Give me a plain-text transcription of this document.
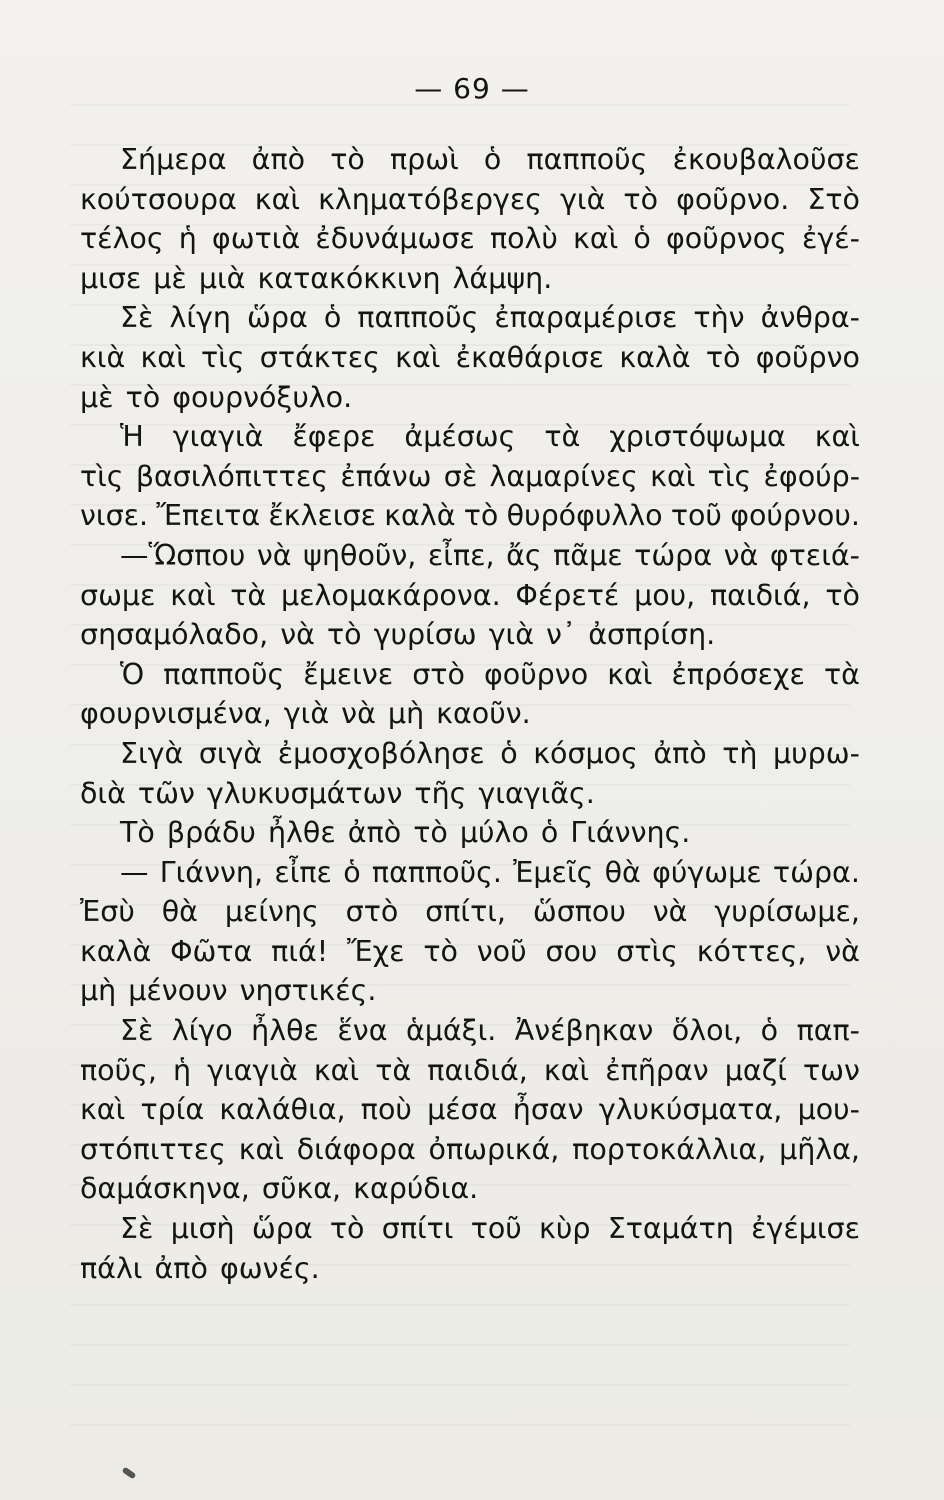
— 69 —
Σήμερα ἀπὸ τὸ πρωὶ ὁ παπποῦς ἐκουβαλοῦσε
κούτσουρα καὶ κληματόβεργες γιὰ τὸ φοῦρνο. Στὸ
τέλος ἡ φωτιὰ ἐδυνάμωσε πολὺ καὶ ὁ φοῦρνος ἐγέ-
μισε μὲ μιὰ κατακόκκινη λάμψη.
Σὲ λίγη ὥρα ὁ παπποῦς ἐπαραμέρισε τὴν ἀνθρα-
κιὰ καὶ τὶς στάκτες καὶ ἐκαθάρισε καλὰ τὸ φοῦρνο
μὲ τὸ φουρνόξυλο.
Ἡ γιαγιὰ ἔφερε ἀμέσως τὰ χριστόψωμα καὶ
τὶς βασιλόπιττες ἐπάνω σὲ λαμαρίνες καὶ τὶς ἐφούρ-
νισε. Ἔπειτα ἔκλεισε καλὰ τὸ θυρόφυλλο τοῦ φούρνου.
—Ὥσπου νὰ ψηθοῦν, εἶπε, ἄς πᾶμε τώρα νὰ φτειά-
σωμε καὶ τὰ μελομακάρονα. Φέρετέ μου, παιδιά, τὸ
σησαμόλαδο, νὰ τὸ γυρίσω γιὰ ν᾽ ἀσπρίση.
Ὁ παπποῦς ἔμεινε στὸ φοῦρνο καὶ ἐπρόσεχε τὰ
φουρνισμένα, γιὰ νὰ μὴ καοῦν.
Σιγὰ σιγὰ ἐμοσχοβόλησε ὁ κόσμος ἀπὸ τὴ μυρω-
διὰ τῶν γλυκυσμάτων τῆς γιαγιᾶς.
Τὸ βράδυ ἦλθε ἀπὸ τὸ μύλο ὁ Γιάννης.
— Γιάννη, εἶπε ὁ παπποῦς. Ἐμεῖς θὰ φύγωμε τώρα.
Ἐσὺ θὰ μείνης στὸ σπίτι, ὥσπου νὰ γυρίσωμε,
καλὰ Φῶτα πιά! Ἔχε τὸ νοῦ σου στὶς κόττες, νὰ
μὴ μένουν νηστικές.
Σὲ λίγο ἦλθε ἕνα ἁμάξι. Ἀνέβηκαν ὅλοι, ὁ παπ-
ποῦς, ἡ γιαγιὰ καὶ τὰ παιδιά, καὶ ἐπῆραν μαζί των
καὶ τρία καλάθια, ποὺ μέσα ἦσαν γλυκύσματα, μου-
στόπιττες καὶ διάφορα ὀπωρικά, πορτοκάλλια, μῆλα,
δαμάσκηνα, σῦκα, καρύδια.
Σὲ μισὴ ὥρα τὸ σπίτι τοῦ κὺρ Σταμάτη ἐγέμισε
πάλι ἀπὸ φωνές.
